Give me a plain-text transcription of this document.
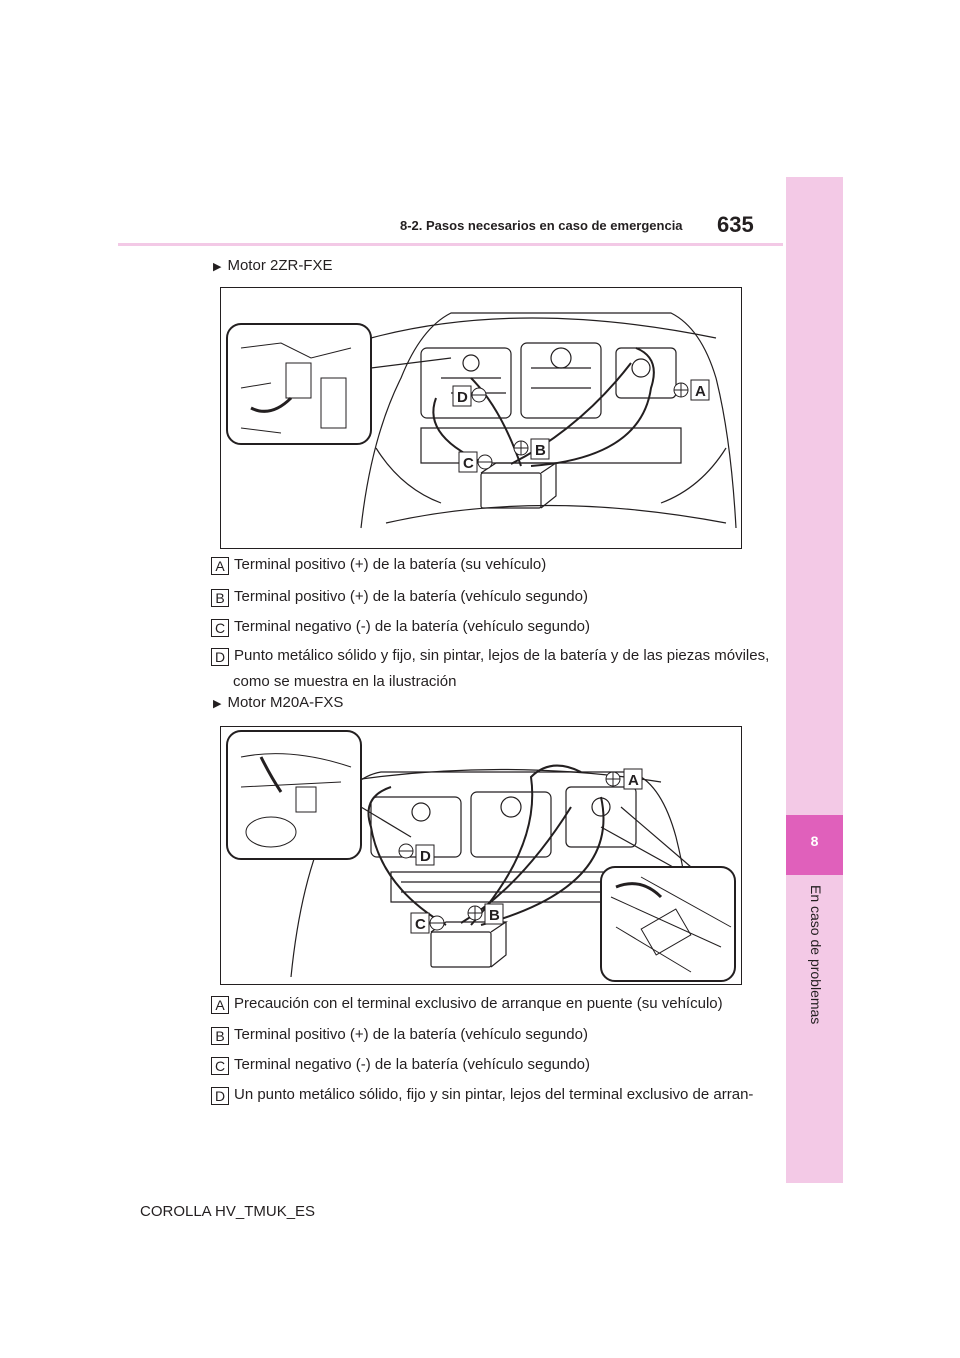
8-2. Pasos necesarios en caso de emergencia 635
8
En caso de problemas
▶ Motor 2ZR-FXE
A
B
C
D
A Terminal positivo (+) de la batería (su vehículo)
B Terminal positivo (+) de la batería (vehículo segundo)
C Terminal negativo (-) de la batería (vehículo segundo)
D Punto metálico sólido y fijo, sin pintar, lejos de la batería y de las piezas móviles,
como se muestra en la ilustración
▶ Motor M20A-FXS
A
B
C
D
A Precaución con el terminal exclusivo de arranque en puente (su vehículo)
B Terminal positivo (+) de la batería (vehículo segundo)
C Terminal negativo (-) de la batería (vehículo segundo)
D Un punto metálico sólido, fijo y sin pintar, lejos del terminal exclusivo de arran-
COROLLA HV_TMUK_ES
